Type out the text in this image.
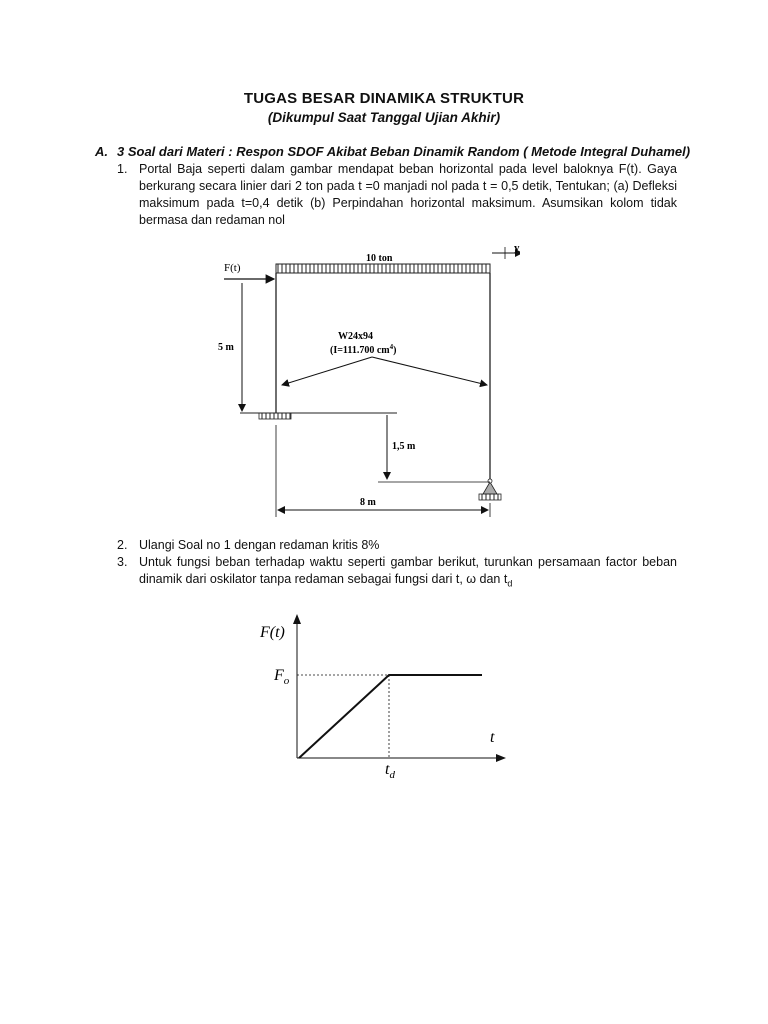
TUGAS BESAR DINAMIKA STRUKTUR
(Dikumpul Saat Tanggal Ujian Akhir)
A. 3 Soal dari Materi : Respon SDOF Akibat Beban Dinamik Random ( Metode Integral Duhamel)
1. Portal Baja seperti dalam gambar mendapat beban horizontal pada level baloknya F(t). Gaya berkurang secara linier dari 2 ton pada t =0 manjadi nol pada t = 0,5 detik, Tentukan; (a) Defleksi maksimum pada t=0,4 detik (b) Perpindahan horizontal maksimum. Asumsikan kolom tidak bermasa dan redaman nol
10 ton
F(t)
y
W24x94
(I=111.700 $cm^4$)
5 m
1,5 m
8 m
2. Ulangi Soal no 1 dengan redaman kritis 8%
3. Untuk fungsi beban terhadap waktu seperti gambar berikut, turunkan persamaan factor beban dinamik dari oskilator tanpa redaman sebagai fungsi dari t, ω dan $t_d$
F(t)
t
$F_o$
$t_d$
